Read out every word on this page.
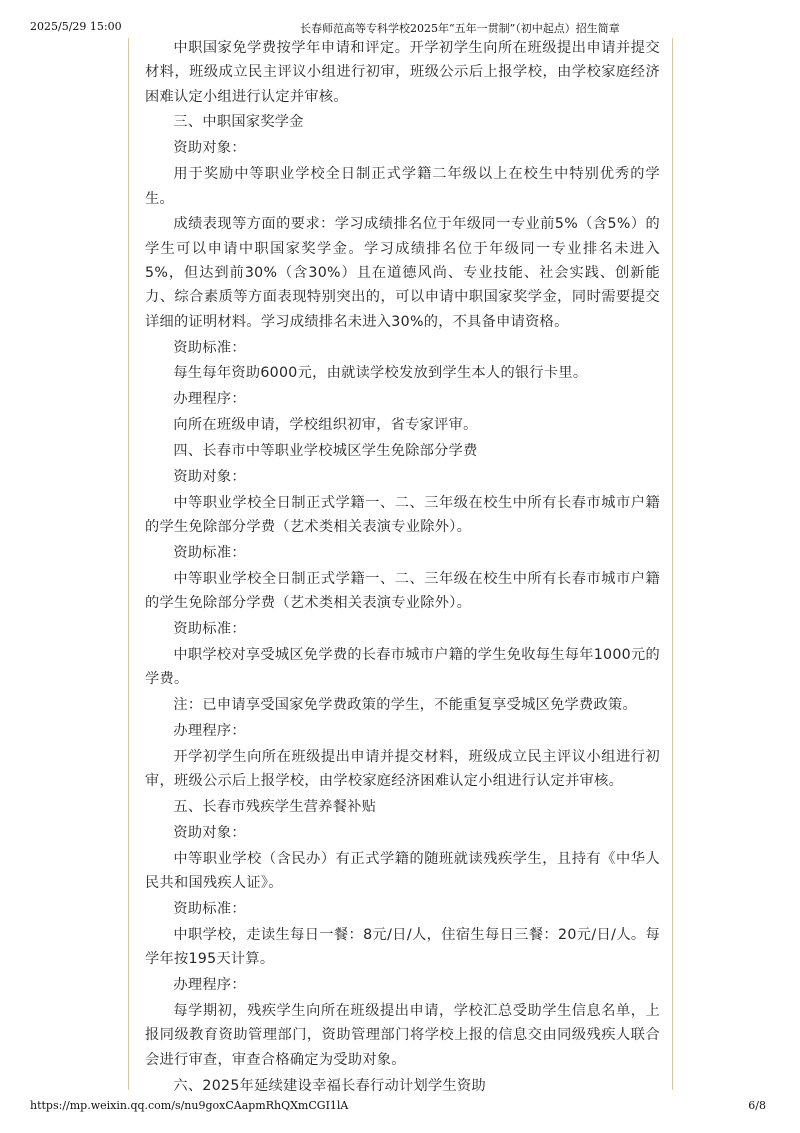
2025/5/29 15:00	长春师范高等专科学校2025年“五年一贯制”（初中起点）招生简章

中职国家免学费按学年申请和评定。开学初学生向所在班级提出申请并提交材料，班级成立民主评议小组进行初审，班级公示后上报学校，由学校家庭经济困难认定小组进行认定并审核。

三、中职国家奖学金

资助对象：

用于奖励中等职业学校全日制正式学籍二年级以上在校生中特别优秀的学生。

成绩表现等方面的要求：学习成绩排名位于年级同一专业前5%（含5%）的学生可以申请中职国家奖学金。学习成绩排名位于年级同一专业排名未进入5%，但达到前30%（含30%）且在道德风尚、专业技能、社会实践、创新能力、综合素质等方面表现特别突出的，可以申请中职国家奖学金，同时需要提交详细的证明材料。学习成绩排名未进入30%的，不具备申请资格。

资助标准：

每生每年资助6000元，由就读学校发放到学生本人的银行卡里。

办理程序：

向所在班级申请，学校组织初审，省专家评审。

四、长春市中等职业学校城区学生免除部分学费

资助对象：

中等职业学校全日制正式学籍一、二、三年级在校生中所有长春市城市户籍的学生免除部分学费（艺术类相关表演专业除外）。

资助标准：

中等职业学校全日制正式学籍一、二、三年级在校生中所有长春市城市户籍的学生免除部分学费（艺术类相关表演专业除外）。

资助标准：

中职学校对享受城区免学费的长春市城市户籍的学生免收每生每年1000元的学费。

注：已申请享受国家免学费政策的学生，不能重复享受城区免学费政策。

办理程序：

开学初学生向所在班级提出申请并提交材料，班级成立民主评议小组进行初审，班级公示后上报学校，由学校家庭经济困难认定小组进行认定并审核。

五、长春市残疾学生营养餐补贴

资助对象：

中等职业学校（含民办）有正式学籍的随班就读残疾学生，且持有《中华人民共和国残疾人证》。

资助标准：

中职学校，走读生每日一餐：8元/日/人，住宿生每日三餐：20元/日/人。每学年按195天计算。

办理程序：

每学期初，残疾学生向所在班级提出申请，学校汇总受助学生信息名单，上报同级教育资助管理部门，资助管理部门将学校上报的信息交由同级残疾人联合会进行审查，审查合格确定为受助对象。

六、2025年延续建设幸福长春行动计划学生资助

https://mp.weixin.qq.com/s/nu9goxCAapmRhQXmCGI1lA	6/8
